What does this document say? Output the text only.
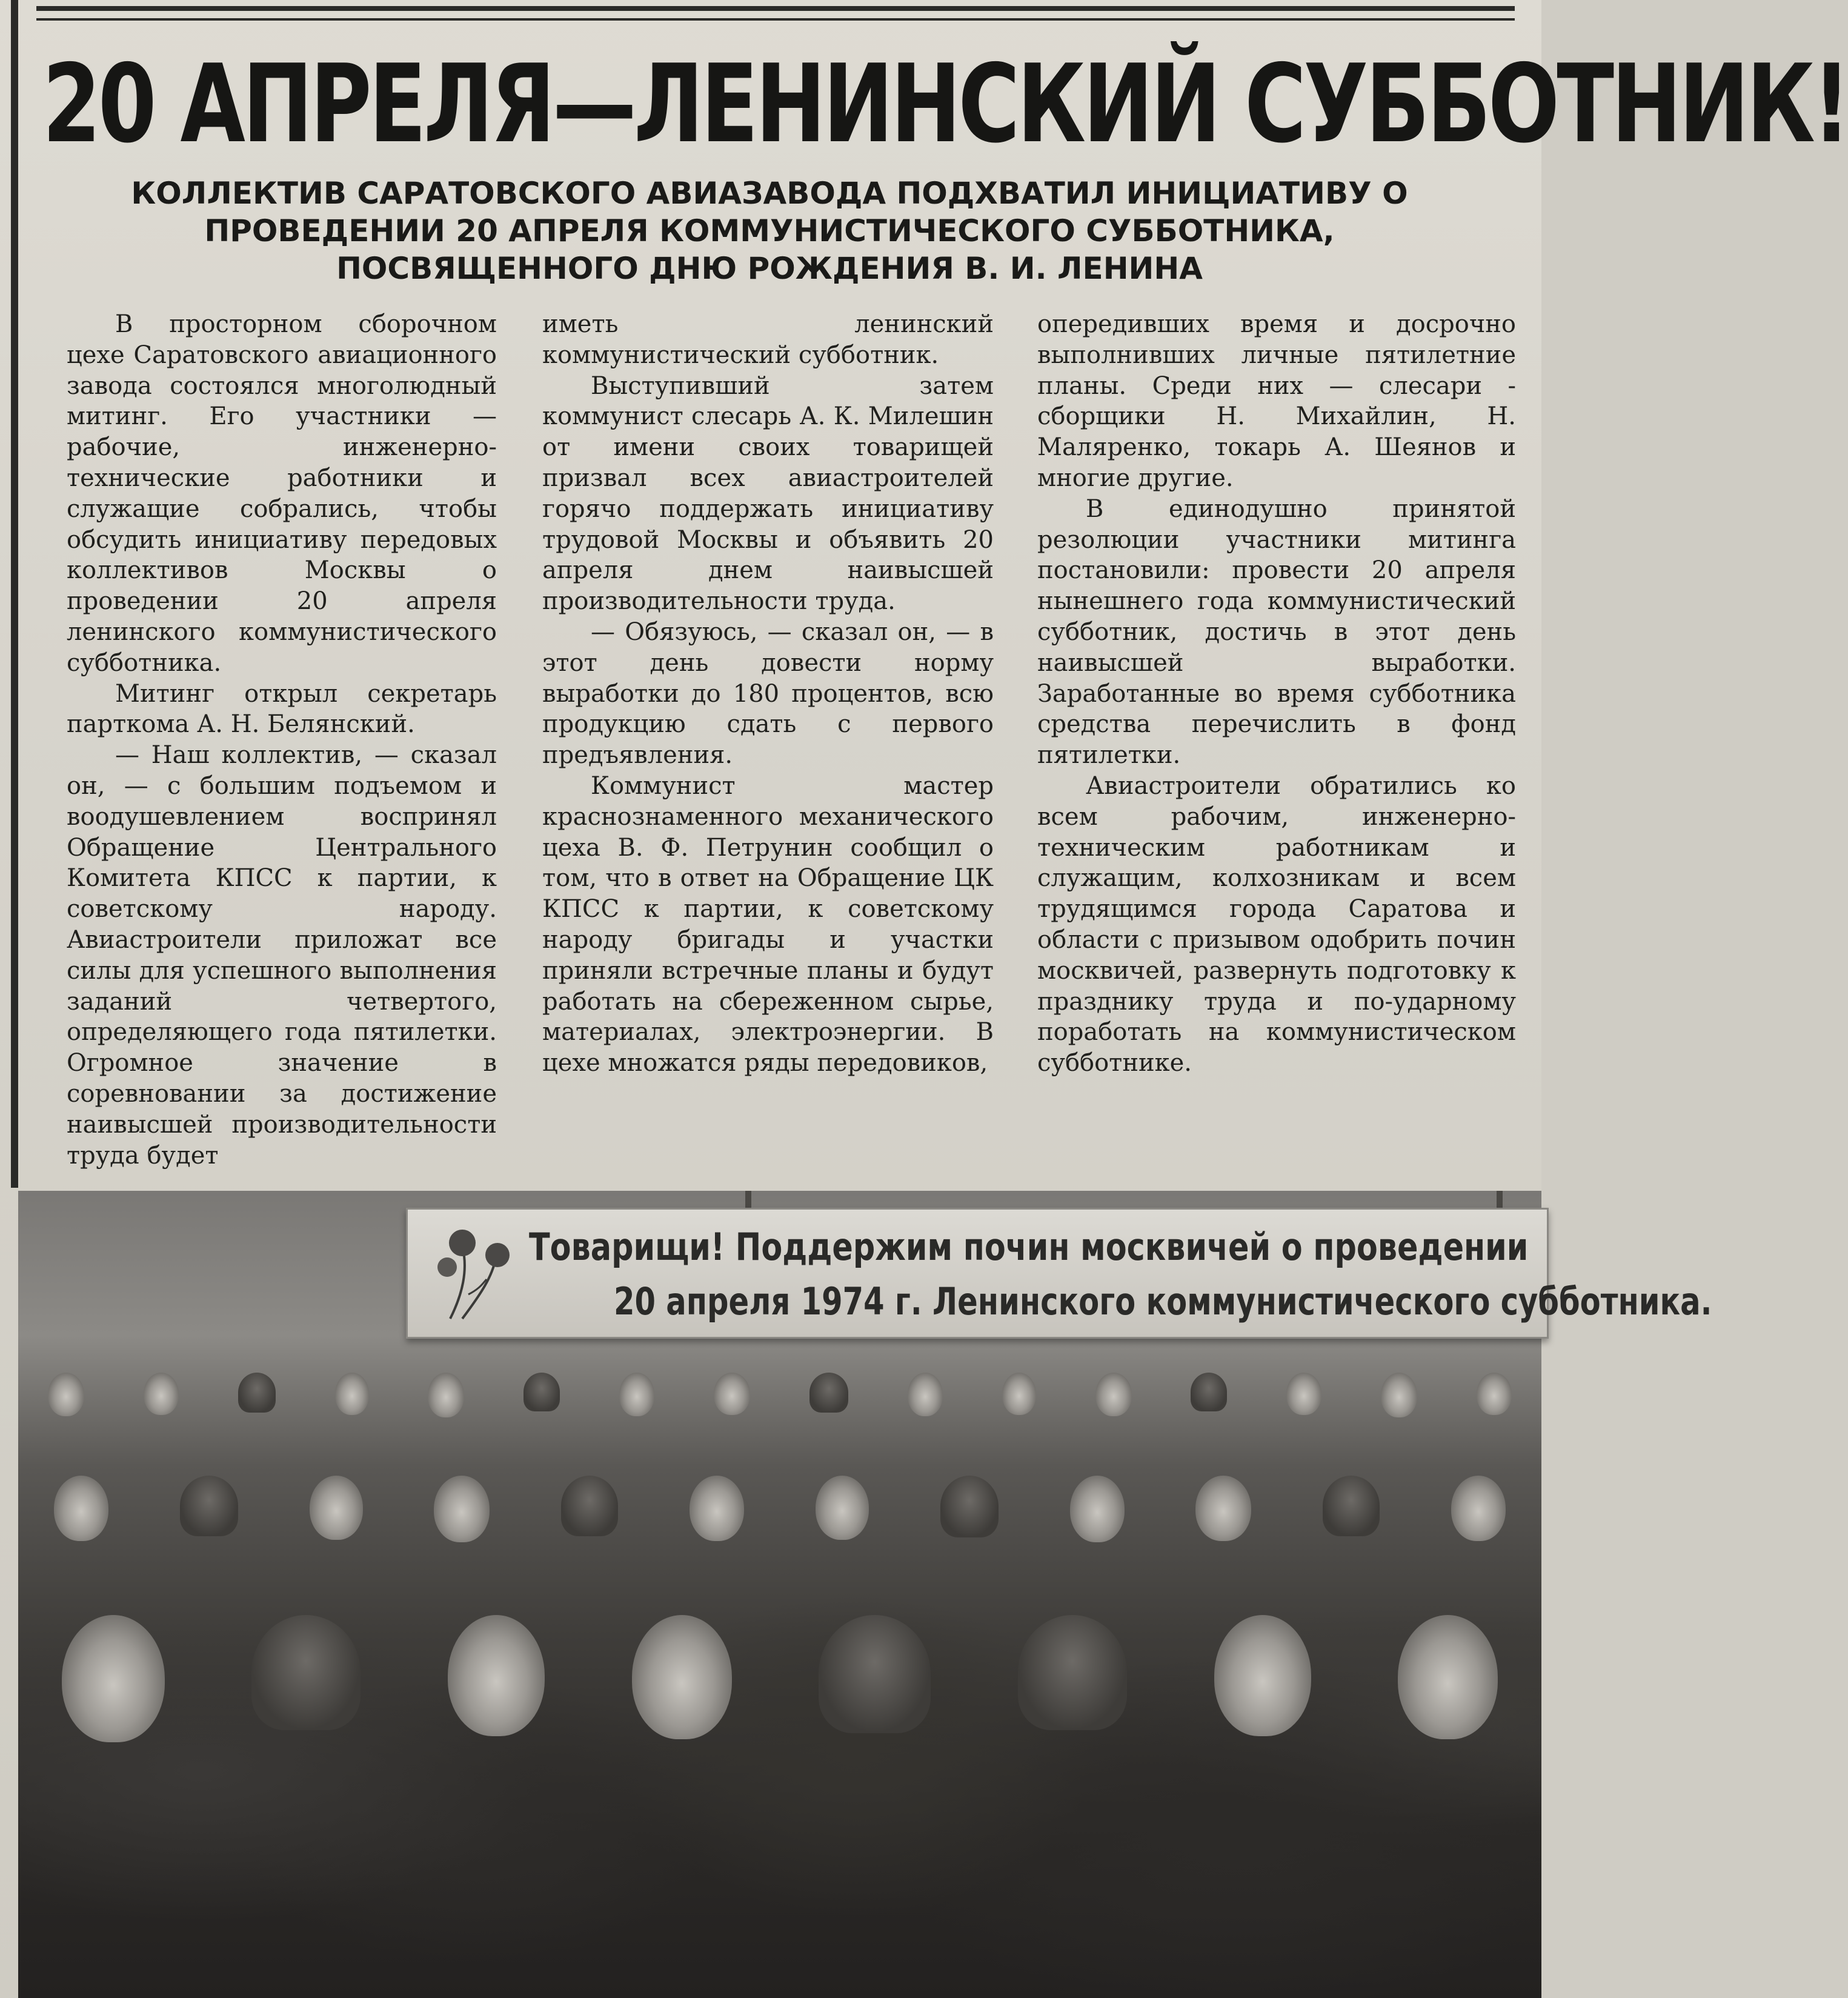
20 АПРЕЛЯ—ЛЕНИНСКИЙ СУББОТНИК!
КОЛЛЕКТИВ САРАТОВСКОГО АВИАЗАВОДА ПОДХВАТИЛ ИНИЦИАТИВУ О
ПРОВЕДЕНИИ 20 АПРЕЛЯ КОММУНИСТИЧЕСКОГО СУББОТНИКА,
ПОСВЯЩЕННОГО ДНЮ РОЖДЕНИЯ В. И. ЛЕНИНА

В просторном сборочном цехе Саратовского авиационного завода состоялся многолюдный митинг. Его участники — рабочие, инженерно-технические работники и служащие собрались, чтобы обсудить инициативу передовых коллективов Москвы о проведении 20 апреля ленинского коммунистического субботника.

Митинг открыл секретарь парткома А. Н. Белянский.

— Наш коллектив, — сказал он, — с большим подъемом и воодушевлением воспринял Обращение Центрального Комитета КПСС к партии, к советскому народу. Авиастроители прилoжат все силы для успешного выполнения заданий четвертого, определяющего года пятилетки. Огромное значение в соревновании за достижение наивысшей производительности труда будет

иметь ленинский коммунистический субботник.

Выступивший затем коммунист слесарь А. К. Милешин от имени своих товарищей призвал всех авиастроителей горячо поддержать инициативу трудовой Москвы и объявить 20 апреля днем наивысшей производительности труда.

— Обязуюсь, — сказал он, — в этот день довести норму выработки до 180 процентов, всю продукцию сдать с первого предъявления.

Коммунист мастер краснознаменного механического цеха В. Ф. Петрунин сообщил о том, что в ответ на Обращение ЦК КПСС к партии, к советскому народу бригады и участки приняли встречные планы и будут работать на сбереженном сырье, материалах, электроэнергии. В цехе множатся ряды передовиков,

опередивших время и досрочно выполнивших личные пятилетние планы. Среди них — слесари - сборщики Н. Михайлин, Н. Маляренко, токарь А. Шеянов и многие другие.

В единодушно принятой резолюции участники митинга постановили: провести 20 апреля нынешнего года коммунистический субботник, достичь в этот день наивысшей выработки. Заработанные во время субботника средства перечислить в фонд пятилетки.

Авиастроители обратились ко всем рабочим, инженерно-техническим работникам и служащим, колхозникам и всем трудящимся города Саратова и области с призывом одобрить почин москвичей, развернуть подготовку к празднику труда и по-ударному поработать на коммунистическом субботнике.

Товарищи! Поддержим почин москвичей о проведении
20 апреля 1974 г. Ленинского коммунистического субботника.
